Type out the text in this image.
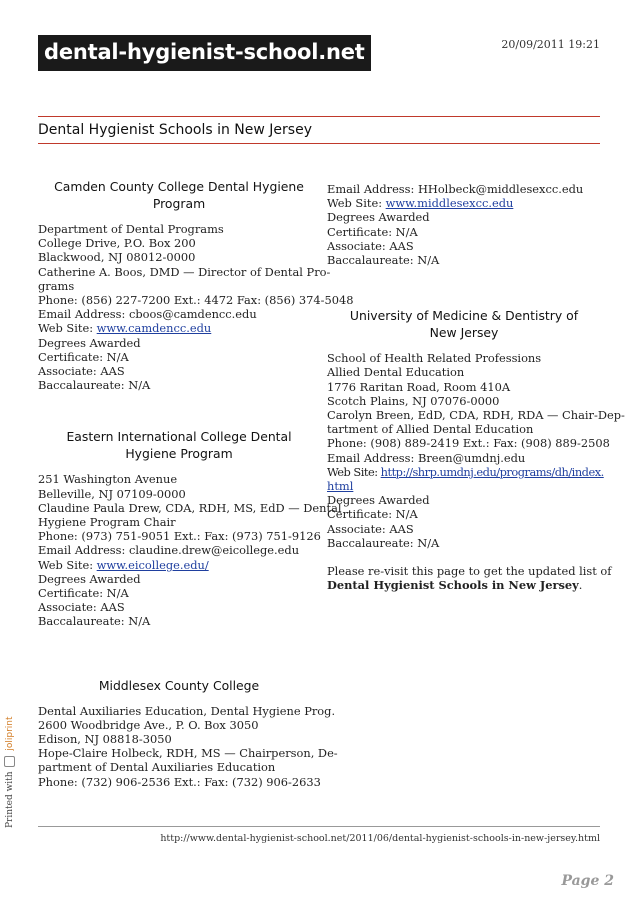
dental-hygienist-school.net	20/09/2011 19:21
Dental Hygienist Schools in New Jersey
Camden County College Dental Hygiene Program
Department of Dental Programs
College Drive, P.O. Box 200
Blackwood, NJ 08012-0000
Catherine A. Boos, DMD — Director of Dental Pro-
grams
Phone: (856) 227-7200 Ext.: 4472 Fax: (856) 374-5048
Email Address: cboos@camdencc.edu
Web Site: www.camdencc.edu
Degrees Awarded
Certificate: N/A
Associate: AAS
Baccalaureate: N/A
Eastern International College Dental Hygiene Program
251 Washington Avenue
Belleville, NJ 07109-0000
Claudine Paula Drew, CDA, RDH, MS, EdD — Dental
Hygiene Program Chair
Phone: (973) 751-9051 Ext.: Fax: (973) 751-9126
Email Address: claudine.drew@eicollege.edu
Web Site: www.eicollege.edu/
Degrees Awarded
Certificate: N/A
Associate: AAS
Baccalaureate: N/A
Middlesex County College
Dental Auxiliaries Education, Dental Hygiene Prog.
2600 Woodbridge Ave., P. O. Box 3050
Edison, NJ 08818-3050
Hope-Claire Holbeck, RDH, MS — Chairperson, De-
partment of Dental Auxiliaries Education
Phone: (732) 906-2536 Ext.: Fax: (732) 906-2633
Email Address: HHolbeck@middlesexcc.edu
Web Site: www.middlesexcc.edu
Degrees Awarded
Certificate: N/A
Associate: AAS
Baccalaureate: N/A
University of Medicine & Dentistry of New Jersey
School of Health Related Professions
Allied Dental Education
1776 Raritan Road, Room 410A
Scotch Plains, NJ 07076-0000
Carolyn Breen, EdD, CDA, RDH, RDA — Chair-Dep-
tartment of Allied Dental Education
Phone: (908) 889-2419 Ext.: Fax: (908) 889-2508
Email Address: Breen@umdnj.edu
Web Site: http://shrp.umdnj.edu/programs/dh/index.
html
Degrees Awarded
Certificate: N/A
Associate: AAS
Baccalaureate: N/A
Please re-visit this page to get the updated list of
Dental Hygienist Schools in New Jersey.
Printed with  joliprint
http://www.dental-hygienist-school.net/2011/06/dental-hygienist-schools-in-new-jersey.html
Page 2
